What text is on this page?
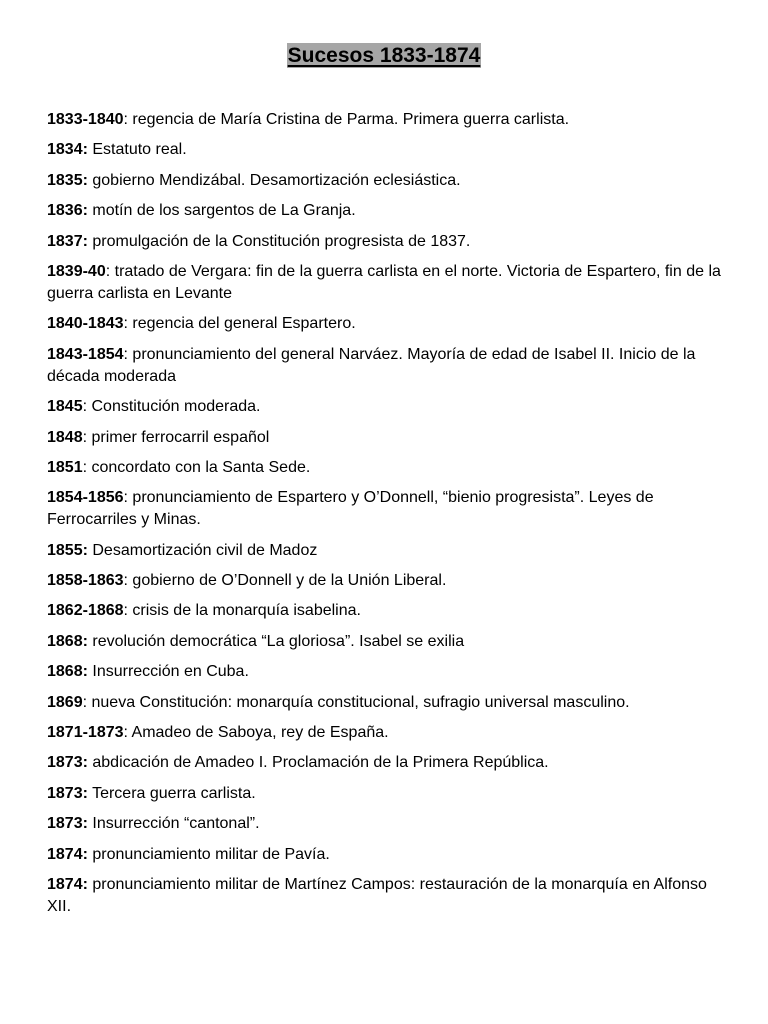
Sucesos 1833-1874
1833-1840: regencia de María Cristina de Parma. Primera guerra carlista.
1834: Estatuto real.
1835: gobierno Mendizábal. Desamortización eclesiástica.
1836: motín de los sargentos de La Granja.
1837: promulgación de la Constitución progresista de 1837.
1839-40: tratado de Vergara: fin de la guerra carlista en el norte. Victoria de Espartero, fin de la guerra carlista en Levante
1840-1843: regencia del general Espartero.
1843-1854: pronunciamiento del general Narváez. Mayoría de edad de Isabel II. Inicio de la década moderada
1845: Constitución moderada.
1848: primer ferrocarril español
1851: concordato con la Santa Sede.
1854-1856: pronunciamiento de Espartero y O’Donnell, “bienio progresista”. Leyes de Ferrocarriles y Minas.
1855: Desamortización civil de Madoz
1858-1863: gobierno de O’Donnell y de la Unión Liberal.
1862-1868: crisis de la monarquía isabelina.
1868: revolución democrática “La gloriosa”. Isabel se exilia
1868: Insurrección en Cuba.
1869: nueva Constitución: monarquía constitucional, sufragio universal masculino.
1871-1873: Amadeo de Saboya, rey de España.
1873: abdicación de Amadeo I. Proclamación de la Primera República.
1873: Tercera guerra carlista.
1873: Insurrección “cantonal”.
1874: pronunciamiento militar de Pavía.
1874: pronunciamiento militar de Martínez Campos: restauración de la monarquía en Alfonso XII.
